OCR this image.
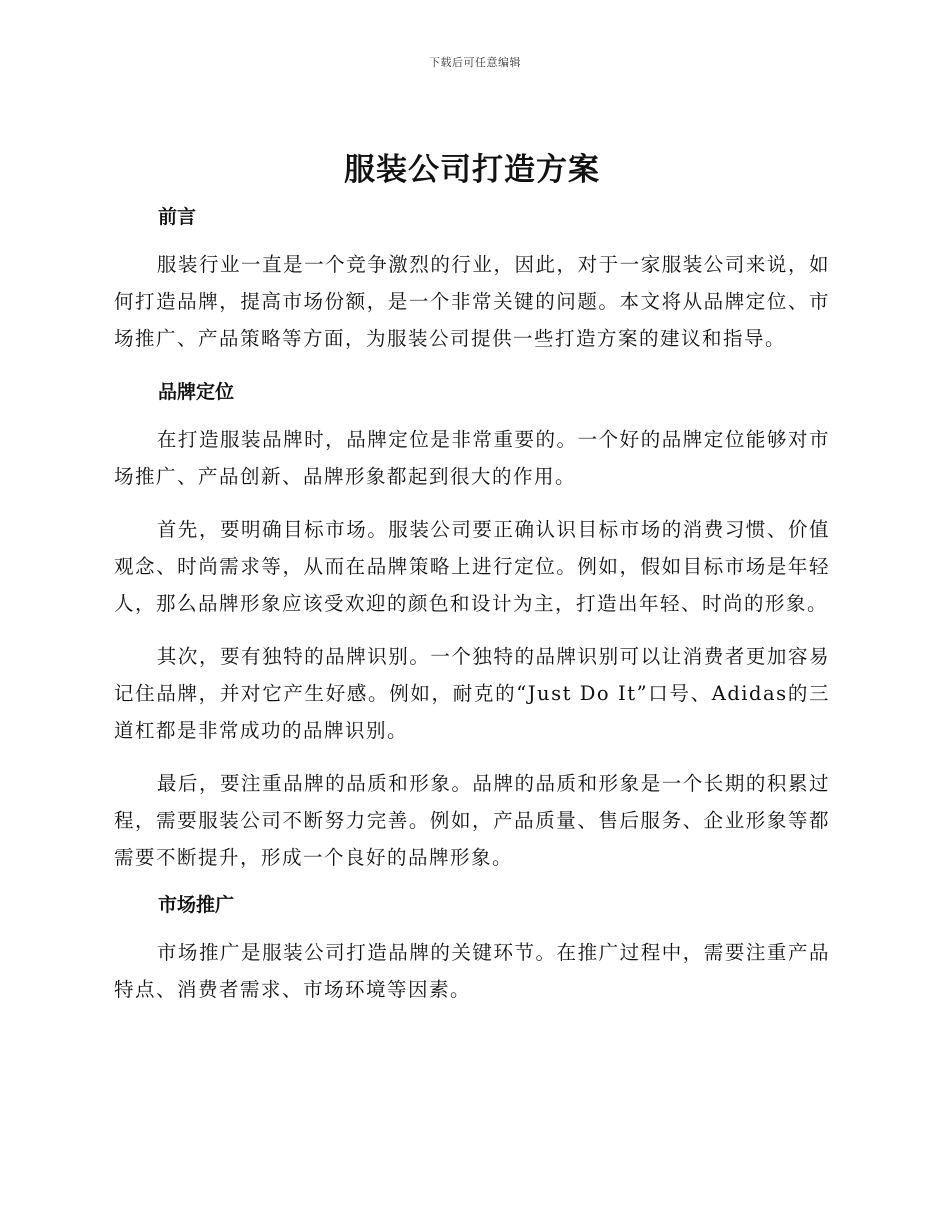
下载后可任意编辑
服装公司打造方案
前言

服装行业一直是一个竞争激烈的行业，因此，对于一家服装公司来说，如何打造品牌，提高市场份额，是一个非常关键的问题。本文将从品牌定位、市场推广、产品策略等方面，为服装公司提供一些打造方案的建议和指导。

品牌定位

在打造服装品牌时，品牌定位是非常重要的。一个好的品牌定位能够对市场推广、产品创新、品牌形象都起到很大的作用。

首先，要明确目标市场。服装公司要正确认识目标市场的消费习惯、价值观念、时尚需求等，从而在品牌策略上进行定位。例如，假如目标市场是年轻人，那么品牌形象应该受欢迎的颜色和设计为主，打造出年轻、时尚的形象。

其次，要有独特的品牌识别。一个独特的品牌识别可以让消费者更加容易记住品牌，并对它产生好感。例如，耐克的“Just Do It”口号、Adidas的三道杠都是非常成功的品牌识别。

最后，要注重品牌的品质和形象。品牌的品质和形象是一个长期的积累过程，需要服装公司不断努力完善。例如，产品质量、售后服务、企业形象等都需要不断提升，形成一个良好的品牌形象。

市场推广

市场推广是服装公司打造品牌的关键环节。在推广过程中，需要注重产品特点、消费者需求、市场环境等因素。
